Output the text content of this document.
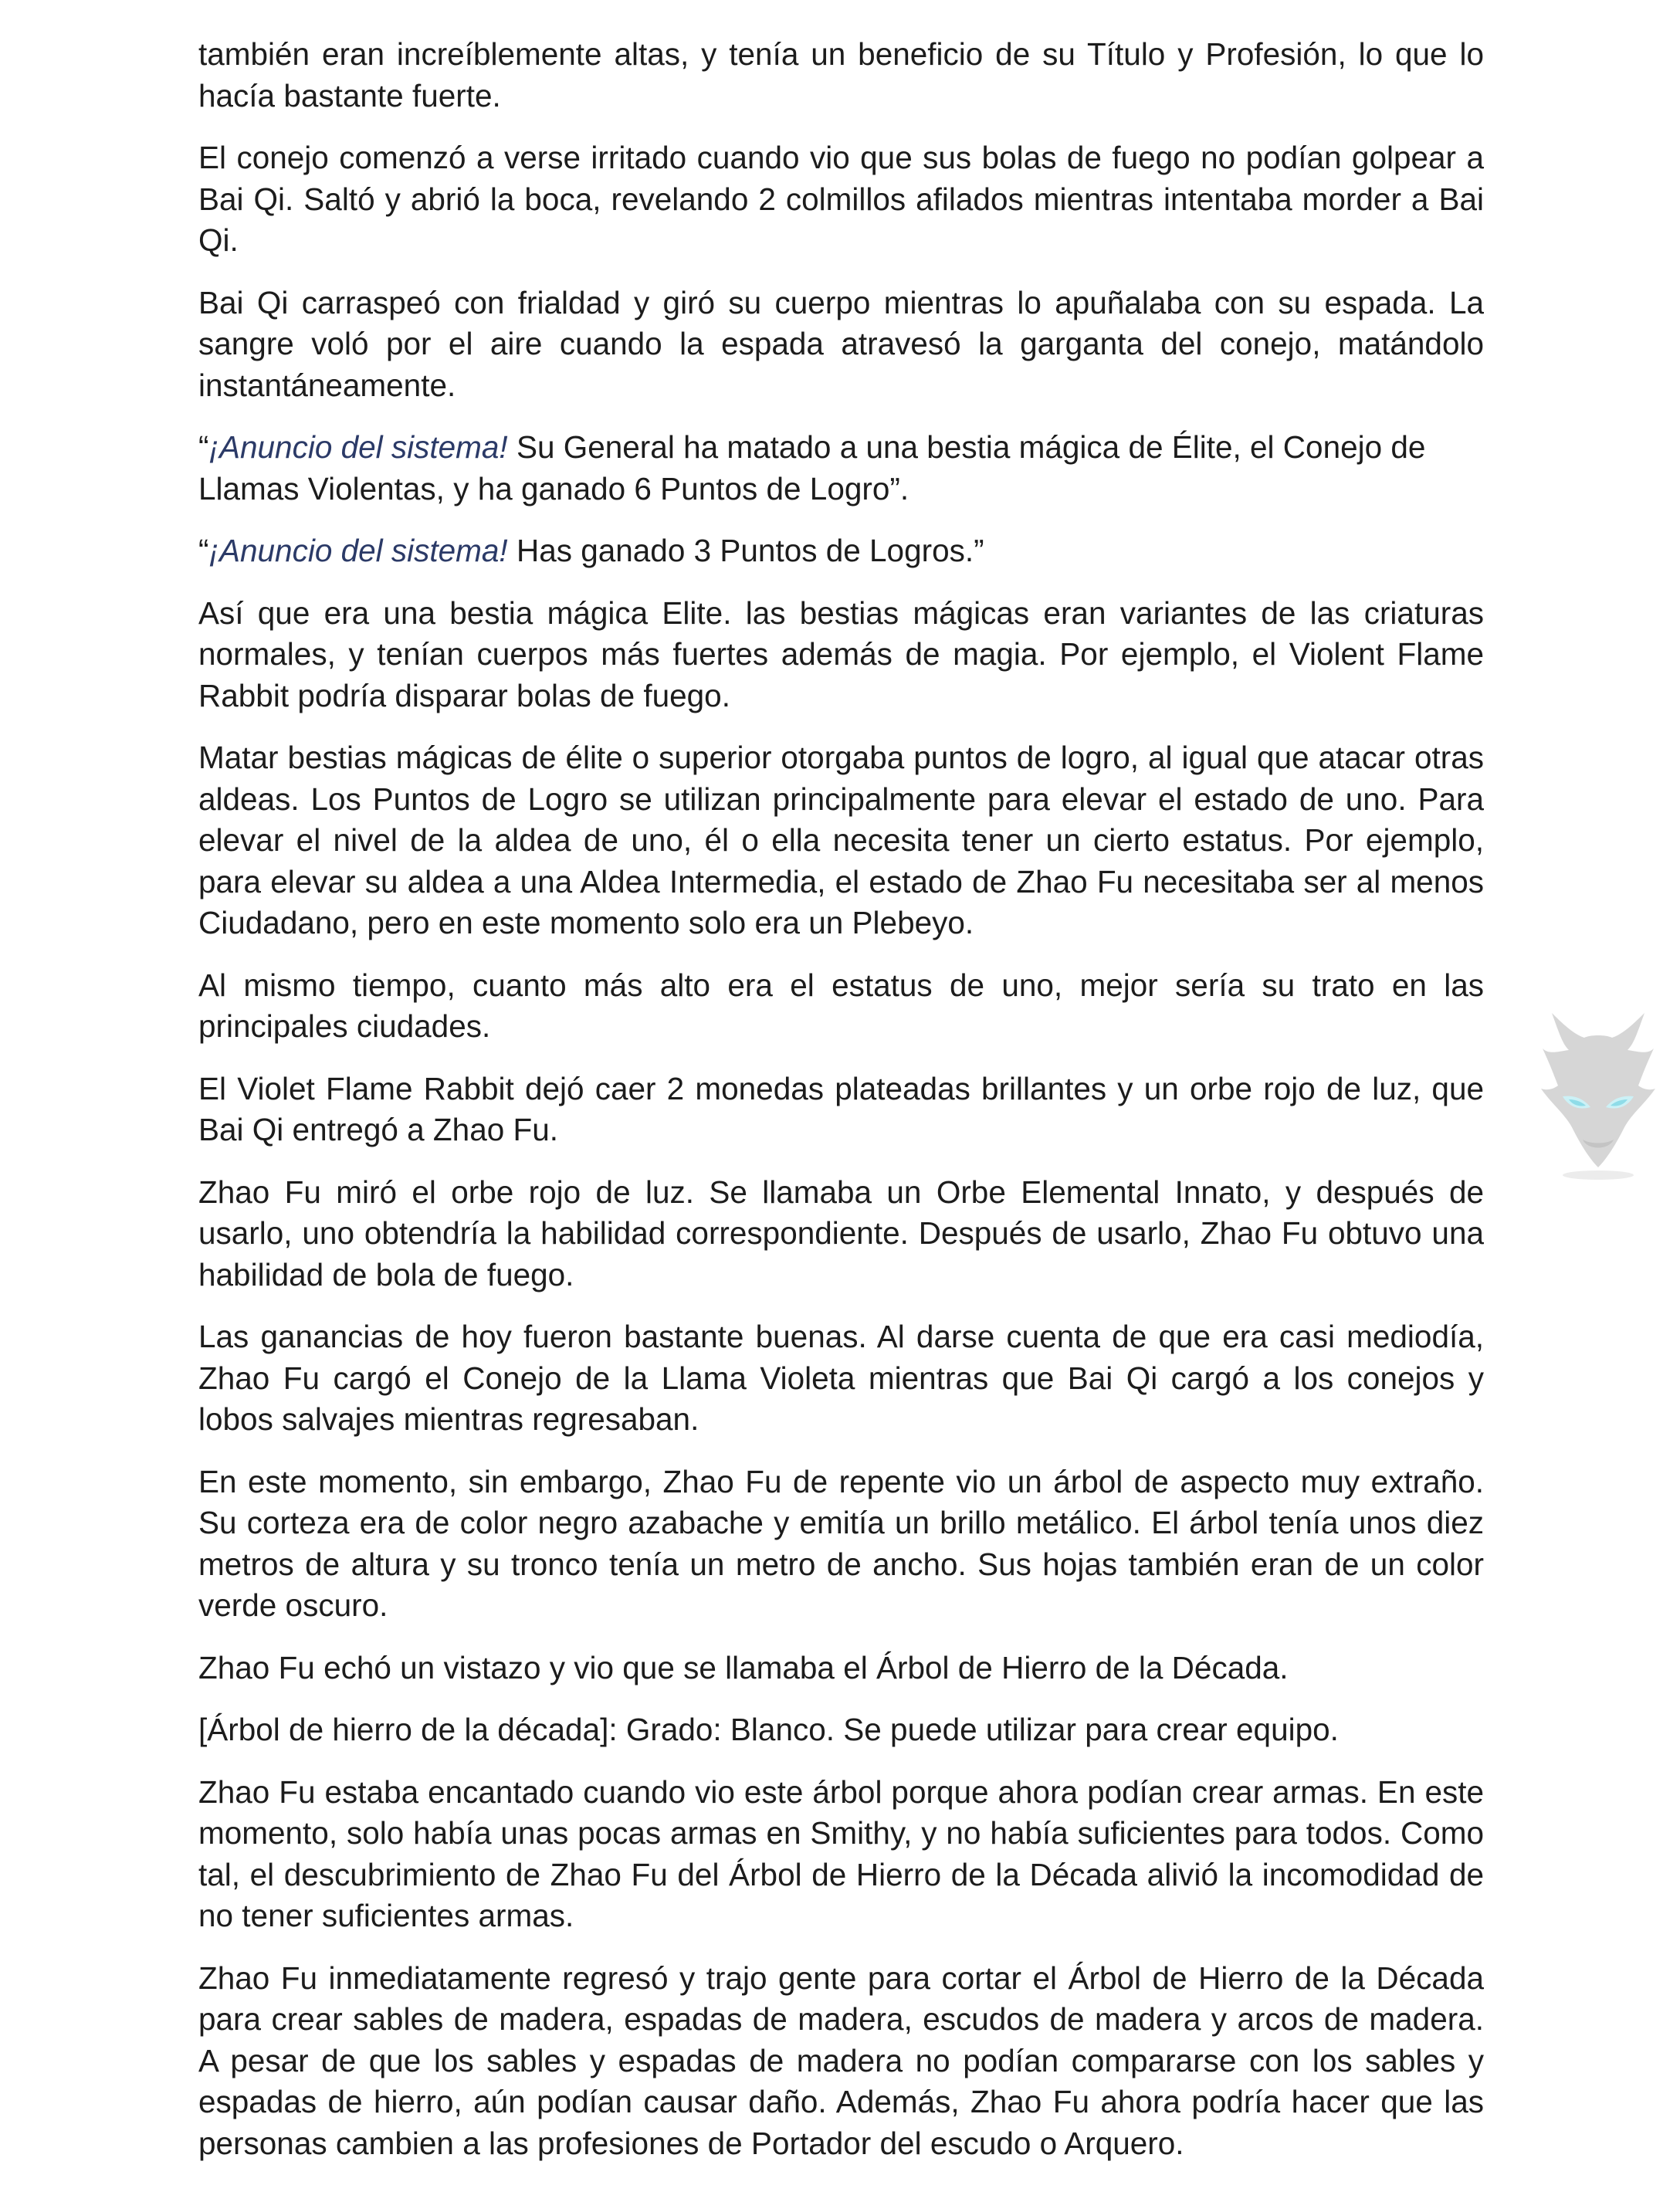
también eran increíblemente altas, y tenía un beneficio de su Título y Profesión, lo que lo hacía bastante fuerte.

El conejo comenzó a verse irritado cuando vio que sus bolas de fuego no podían golpear a Bai Qi. Saltó y abrió la boca, revelando 2 colmillos afilados mientras intentaba morder a Bai Qi.

Bai Qi carraspeó con frialdad y giró su cuerpo mientras lo apuñalaba con su espada. La sangre voló por el aire cuando la espada atravesó la garganta del conejo, matándolo instantáneamente.

“¡Anuncio del sistema! Su General ha matado a una bestia mágica de Élite, el Conejo de Llamas Violentas, y ha ganado 6 Puntos de Logro”.

“¡Anuncio del sistema! Has ganado 3 Puntos de Logros.”

Así que era una bestia mágica Elite. las bestias mágicas eran variantes de las criaturas normales, y tenían cuerpos más fuertes además de magia. Por ejemplo, el Violent Flame Rabbit podría disparar bolas de fuego.

Matar bestias mágicas de élite o superior otorgaba puntos de logro, al igual que atacar otras aldeas. Los Puntos de Logro se utilizan principalmente para elevar el estado de uno. Para elevar el nivel de la aldea de uno, él o ella necesita tener un cierto estatus. Por ejemplo, para elevar su aldea a una Aldea Intermedia, el estado de Zhao Fu necesitaba ser al menos Ciudadano, pero en este momento solo era un Plebeyo.

Al mismo tiempo, cuanto más alto era el estatus de uno, mejor sería su trato en las principales ciudades.

El Violet Flame Rabbit dejó caer 2 monedas plateadas brillantes y un orbe rojo de luz, que Bai Qi entregó a Zhao Fu.

Zhao Fu miró el orbe rojo de luz. Se llamaba un Orbe Elemental Innato, y después de usarlo, uno obtendría la habilidad correspondiente. Después de usarlo, Zhao Fu obtuvo una habilidad de bola de fuego.

Las ganancias de hoy fueron bastante buenas. Al darse cuenta de que era casi mediodía, Zhao Fu cargó el Conejo de la Llama Violeta mientras que Bai Qi cargó a los conejos y lobos salvajes mientras regresaban.

En este momento, sin embargo, Zhao Fu de repente vio un árbol de aspecto muy extraño. Su corteza era de color negro azabache y emitía un brillo metálico. El árbol tenía unos diez metros de altura y su tronco tenía un metro de ancho. Sus hojas también eran de un color verde oscuro.

Zhao Fu echó un vistazo y vio que se llamaba el Árbol de Hierro de la Década.

[Árbol de hierro de la década]: Grado: Blanco. Se puede utilizar para crear equipo.

Zhao Fu estaba encantado cuando vio este árbol porque ahora podían crear armas. En este momento, solo había unas pocas armas en Smithy, y no había suficientes para todos. Como tal, el descubrimiento de Zhao Fu del Árbol de Hierro de la Década alivió la incomodidad de no tener suficientes armas.

Zhao Fu inmediatamente regresó y trajo gente para cortar el Árbol de Hierro de la Década para crear sables de madera, espadas de madera, escudos de madera y arcos de madera. A pesar de que los sables y espadas de madera no podían compararse con los sables y espadas de hierro, aún podían causar daño. Además, Zhao Fu ahora podría hacer que las personas cambien a las profesiones de Portador del escudo o Arquero.
